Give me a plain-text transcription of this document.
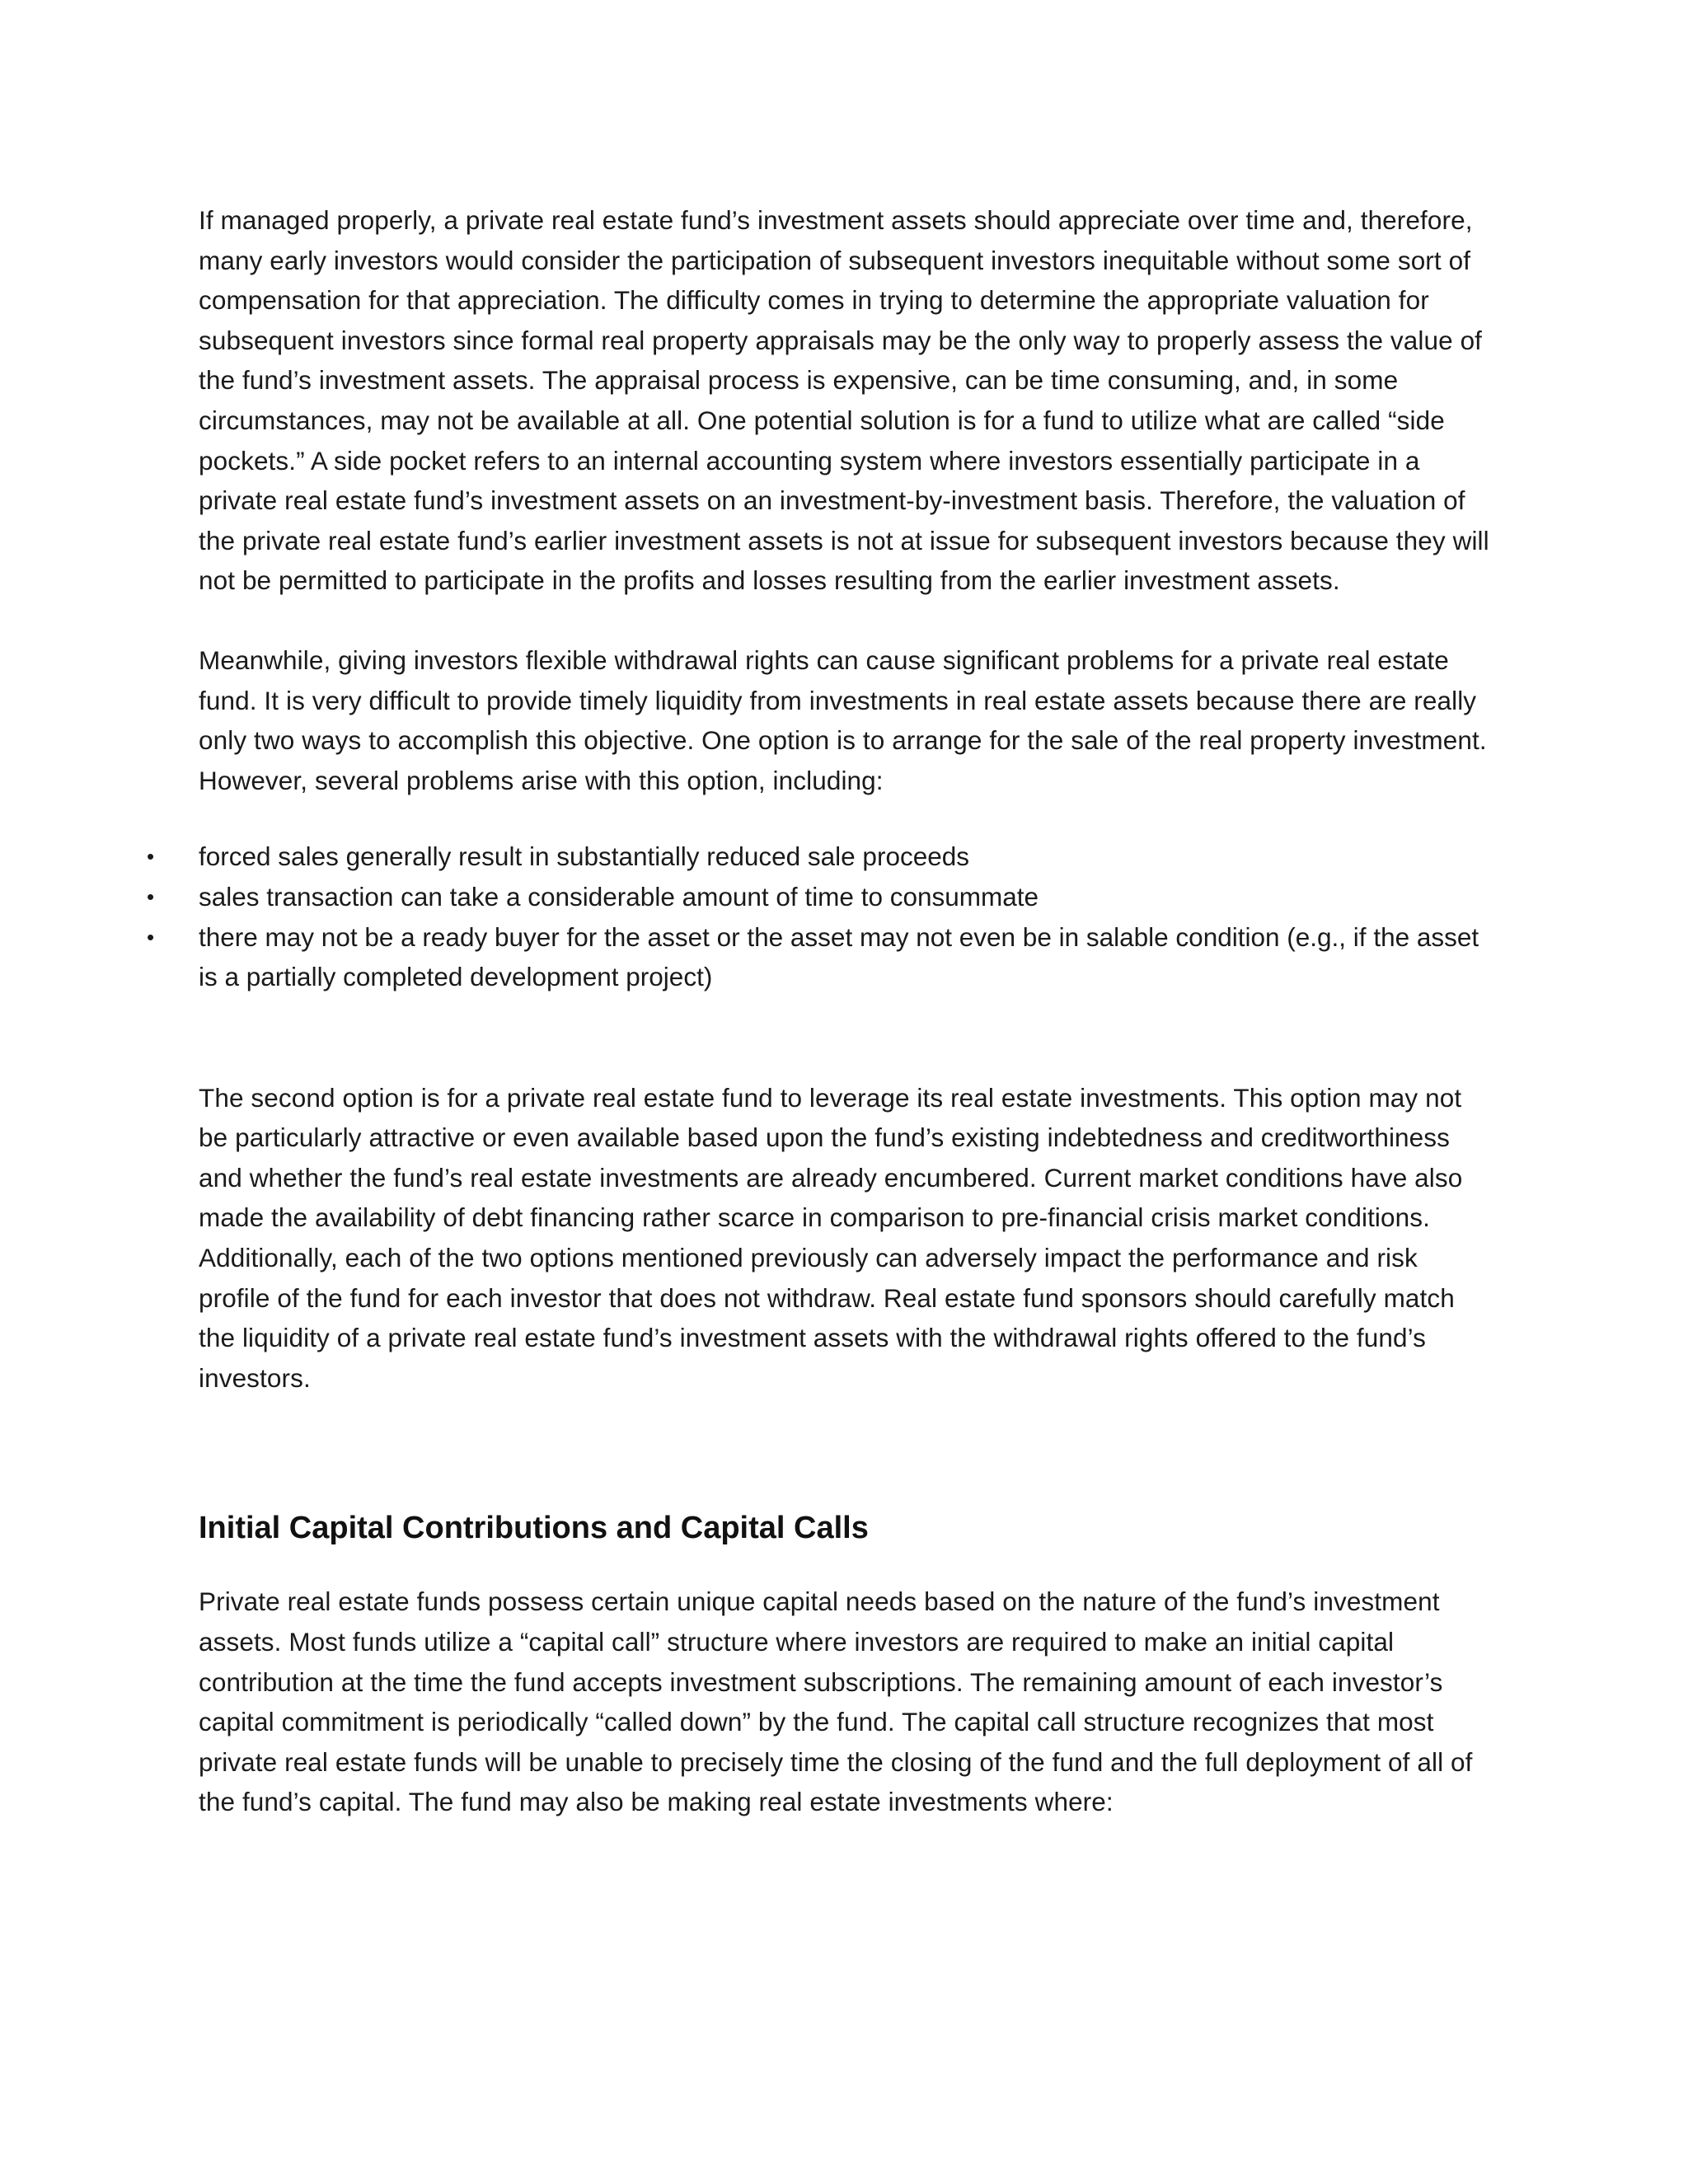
If managed properly, a private real estate fund’s investment assets should appreciate over time and, therefore, many early investors would consider the participation of subsequent investors inequitable without some sort of compensation for that appreciation. The difficulty comes in trying to determine the appropriate valuation for subsequent investors since formal real property appraisals may be the only way to properly assess the value of the fund’s investment assets. The appraisal process is expensive, can be time consuming, and, in some circumstances, may not be available at all. One potential solution is for a fund to utilize what are called “side pockets.” A side pocket refers to an internal accounting system where investors essentially participate in a private real estate fund’s investment assets on an investment-by-investment basis. Therefore, the valuation of the private real estate fund’s earlier investment assets is not at issue for subsequent investors because they will not be permitted to participate in the profits and losses resulting from the earlier investment assets.

Meanwhile, giving investors flexible withdrawal rights can cause significant problems for a private real estate fund. It is very difficult to provide timely liquidity from investments in real estate assets because there are really only two ways to accomplish this objective. One option is to arrange for the sale of the real property investment. However, several problems arise with this option, including:

• forced sales generally result in substantially reduced sale proceeds
• sales transaction can take a considerable amount of time to consummate
• there may not be a ready buyer for the asset or the asset may not even be in salable condition (e.g., if the asset is a partially completed development project)

The second option is for a private real estate fund to leverage its real estate investments. This option may not be particularly attractive or even available based upon the fund’s existing indebtedness and creditworthiness and whether the fund’s real estate investments are already encumbered. Current market conditions have also made the availability of debt financing rather scarce in comparison to pre-financial crisis market conditions. Additionally, each of the two options mentioned previously can adversely impact the performance and risk profile of the fund for each investor that does not withdraw. Real estate fund sponsors should carefully match the liquidity of a private real estate fund’s investment assets with the withdrawal rights offered to the fund’s investors.

Initial Capital Contributions and Capital Calls

Private real estate funds possess certain unique capital needs based on the nature of the fund’s investment assets. Most funds utilize a “capital call” structure where investors are required to make an initial capital contribution at the time the fund accepts investment subscriptions. The remaining amount of each investor’s capital commitment is periodically “called down” by the fund. The capital call structure recognizes that most private real estate funds will be unable to precisely time the closing of the fund and the full deployment of all of the fund’s capital. The fund may also be making real estate investments where:
